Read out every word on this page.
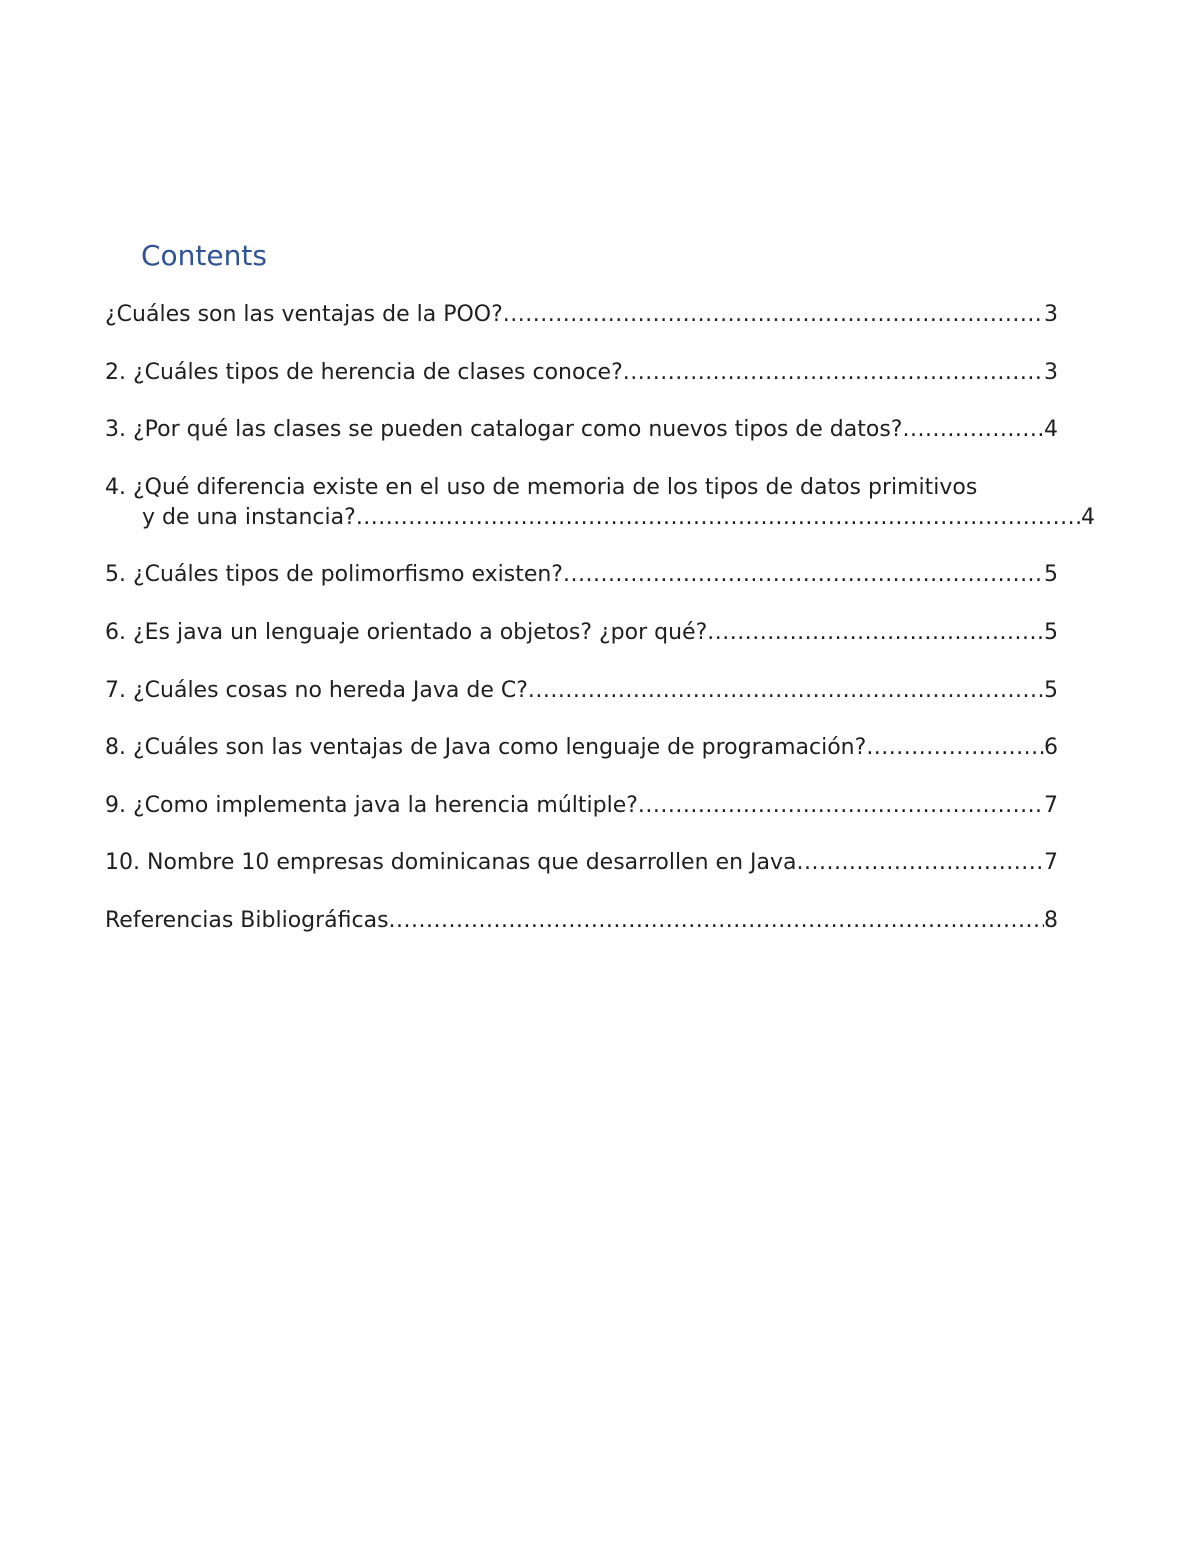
Contents
¿Cuáles son las ventajas de la POO? .....	3
2. ¿Cuáles tipos de herencia de clases conoce? .....	3
3. ¿Por qué las clases se pueden catalogar como nuevos tipos de datos? .....	4
4. ¿Qué diferencia existe en el uso de memoria de los tipos de datos primitivos
y de una instancia? .....	4
5. ¿Cuáles tipos de polimorfismo existen? .....	5
6. ¿Es java un lenguaje orientado a objetos? ¿por qué? .....	5
7. ¿Cuáles cosas no hereda Java de C? .....	5
8. ¿Cuáles son las ventajas de Java como lenguaje de programación? .....	6
9. ¿Como implementa java la herencia múltiple? .....	7
10. Nombre 10 empresas dominicanas que desarrollen en Java .....	7
Referencias Bibliográficas .....	8
